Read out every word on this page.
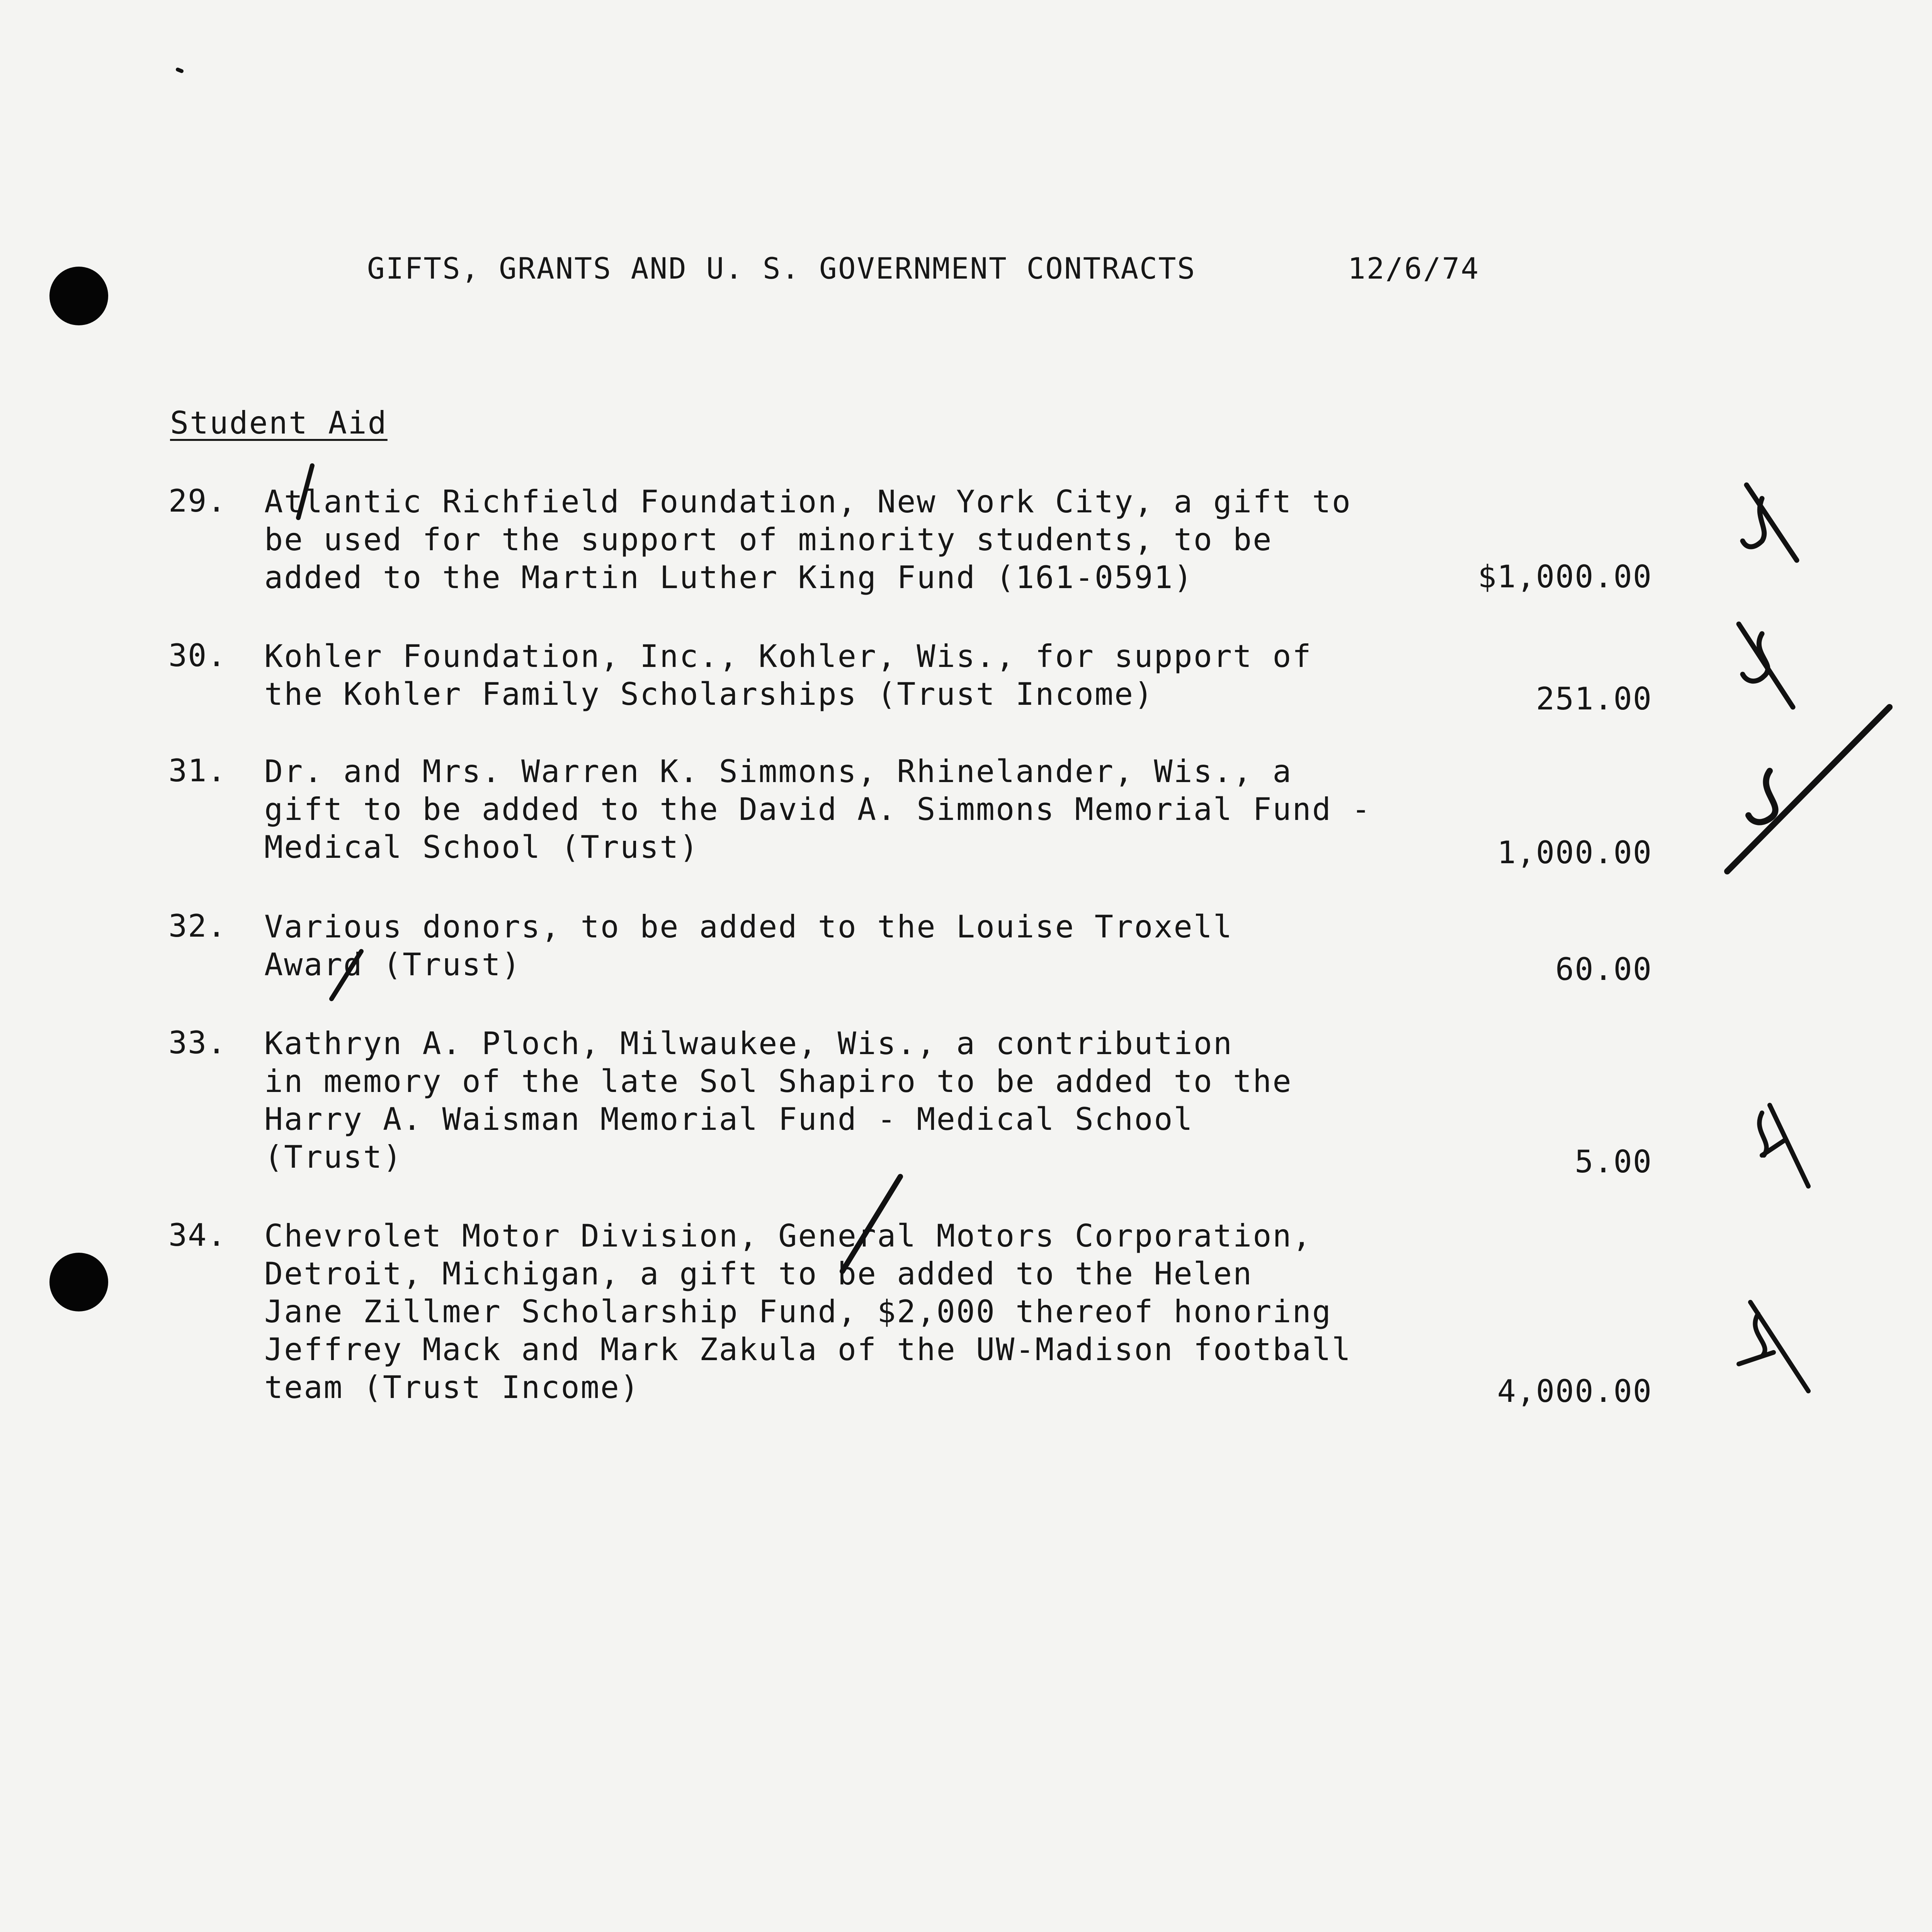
GIFTS, GRANTS AND U. S. GOVERNMENT CONTRACTS	12/6/74
Student Aid
29. Atlantic Richfield Foundation, New York City, a gift to
be used for the support of minority students, to be
added to the Martin Luther King Fund (161-0591)	$1,000.00
30. Kohler Foundation, Inc., Kohler, Wis., for support of
the Kohler Family Scholarships (Trust Income)	251.00
31. Dr. and Mrs. Warren K. Simmons, Rhinelander, Wis., a
gift to be added to the David A. Simmons Memorial Fund -
Medical School (Trust)	1,000.00
32. Various donors, to be added to the Louise Troxell
Award (Trust)	60.00
33. Kathryn A. Ploch, Milwaukee, Wis., a contribution
in memory of the late Sol Shapiro to be added to the
Harry A. Waisman Memorial Fund - Medical School
(Trust)	5.00
34. Chevrolet Motor Division, General Motors Corporation,
Detroit, Michigan, a gift to be added to the Helen
Jane Zillmer Scholarship Fund, $2,000 thereof honoring
Jeffrey Mack and Mark Zakula of the UW-Madison football
team (Trust Income)	4,000.00
